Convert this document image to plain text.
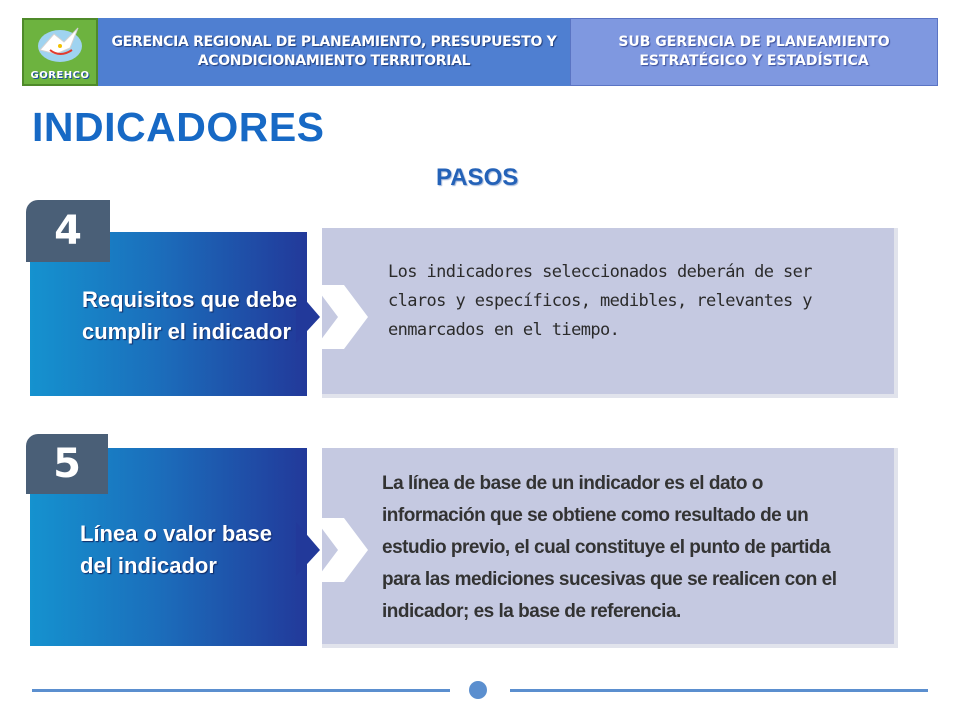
GOREHCO
GERENCIA REGIONAL DE PLANEAMIENTO, PRESUPUESTO Y ACONDICIONAMIENTO TERRITORIAL
SUB GERENCIA DE PLANEAMIENTO ESTRATÉGICO Y ESTADÍSTICA
INDICADORES
PASOS
4
Requisitos que debe cumplir el indicador
Los indicadores seleccionados deberán de ser claros y específicos, medibles, relevantes y enmarcados en el tiempo.
5
Línea o valor base del indicador
La línea de base de un indicador es el dato o información que se obtiene como resultado de un estudio previo, el cual constituye el punto de partida para las mediciones sucesivas que se realicen con el indicador; es la base de referencia.
